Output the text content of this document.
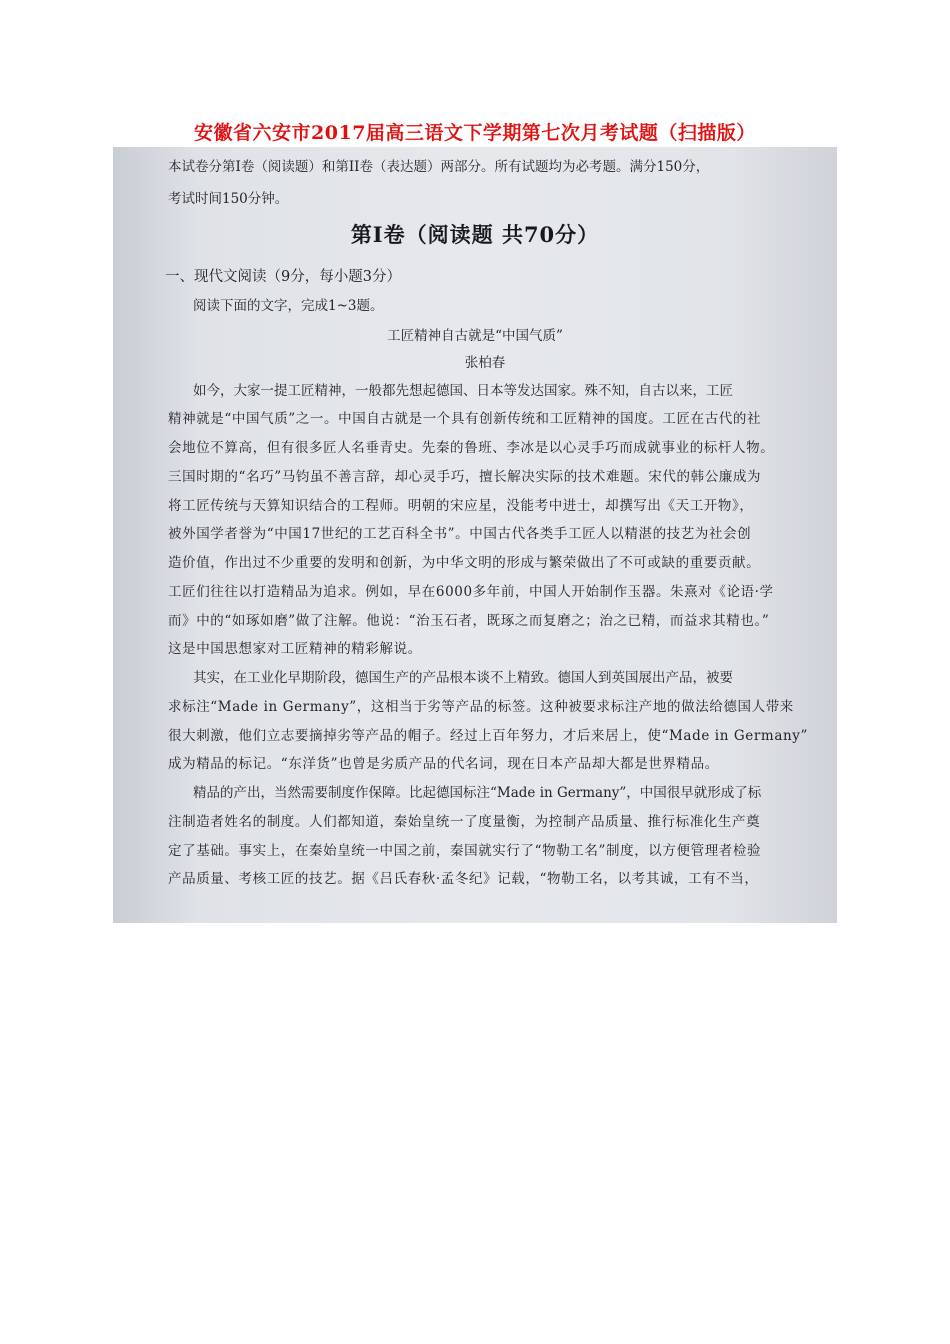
安徽省六安市2017届高三语文下学期第七次月考试题（扫描版）
本试卷分第I卷（阅读题）和第II卷（表达题）两部分。所有试题均为必考题。满分150分，
考试时间150分钟。
第I卷（阅读题 共70分）
一、现代文阅读（9分，每小题3分）
阅读下面的文字，完成1~3题。
工匠精神自古就是“中国气质”
张柏春
如今，大家一提工匠精神，一般都先想起德国、日本等发达国家。殊不知，自古以来，工匠
精神就是“中国气质”之一。中国自古就是一个具有创新传统和工匠精神的国度。工匠在古代的社
会地位不算高，但有很多匠人名垂青史。先秦的鲁班、李冰是以心灵手巧而成就事业的标杆人物。
三国时期的“名巧”马钧虽不善言辞，却心灵手巧，擅长解决实际的技术难题。宋代的韩公廉成为
将工匠传统与天算知识结合的工程师。明朝的宋应星，没能考中进士，却撰写出《天工开物》，
被外国学者誉为“中国17世纪的工艺百科全书”。中国古代各类手工匠人以精湛的技艺为社会创
造价值，作出过不少重要的发明和创新，为中华文明的形成与繁荣做出了不可或缺的重要贡献。
工匠们往往以打造精品为追求。例如，早在6000多年前，中国人开始制作玉器。朱熹对《论语·学
而》中的“如琢如磨”做了注解。他说：“治玉石者，既琢之而复磨之；治之已精，而益求其精也。”
这是中国思想家对工匠精神的精彩解说。
其实，在工业化早期阶段，德国生产的产品根本谈不上精致。德国人到英国展出产品，被要
求标注“Made in Germany”，这相当于劣等产品的标签。这种被要求标注产地的做法给德国人带来
很大刺激，他们立志要摘掉劣等产品的帽子。经过上百年努力，才后来居上，使“Made in Germany”
成为精品的标记。“东洋货”也曾是劣质产品的代名词，现在日本产品却大都是世界精品。
精品的产出，当然需要制度作保障。比起德国标注“Made in Germany”，中国很早就形成了标
注制造者姓名的制度。人们都知道，秦始皇统一了度量衡，为控制产品质量、推行标准化生产奠
定了基础。事实上，在秦始皇统一中国之前，秦国就实行了“物勒工名”制度，以方便管理者检验
产品质量、考核工匠的技艺。据《吕氏春秋·孟冬纪》记载，“物勒工名，以考其诚，工有不当，
